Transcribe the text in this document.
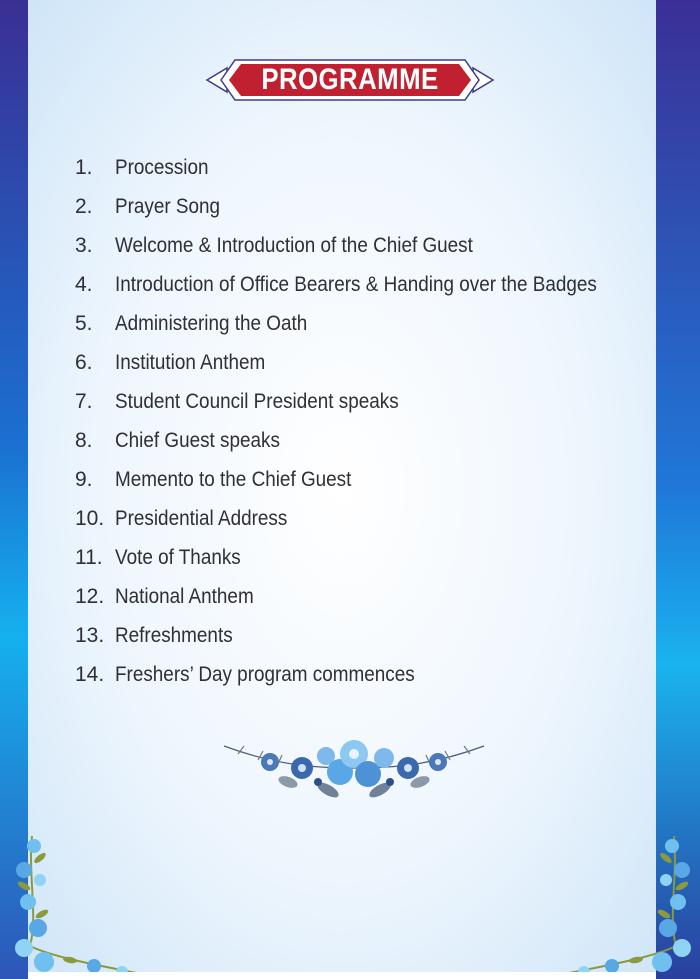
PROGRAMME
1.	Procession
2.	Prayer Song
3.	Welcome & Introduction of the Chief Guest
4.	Introduction of Office Bearers & Handing over the Badges
5.	Administering the Oath
6.	Institution Anthem
7.	Student Council President speaks
8.	Chief Guest speaks
9.	Memento to the Chief Guest
10. Presidential Address
11. Vote of Thanks
12. National Anthem
13. Refreshments
14. Freshers’ Day program commences
